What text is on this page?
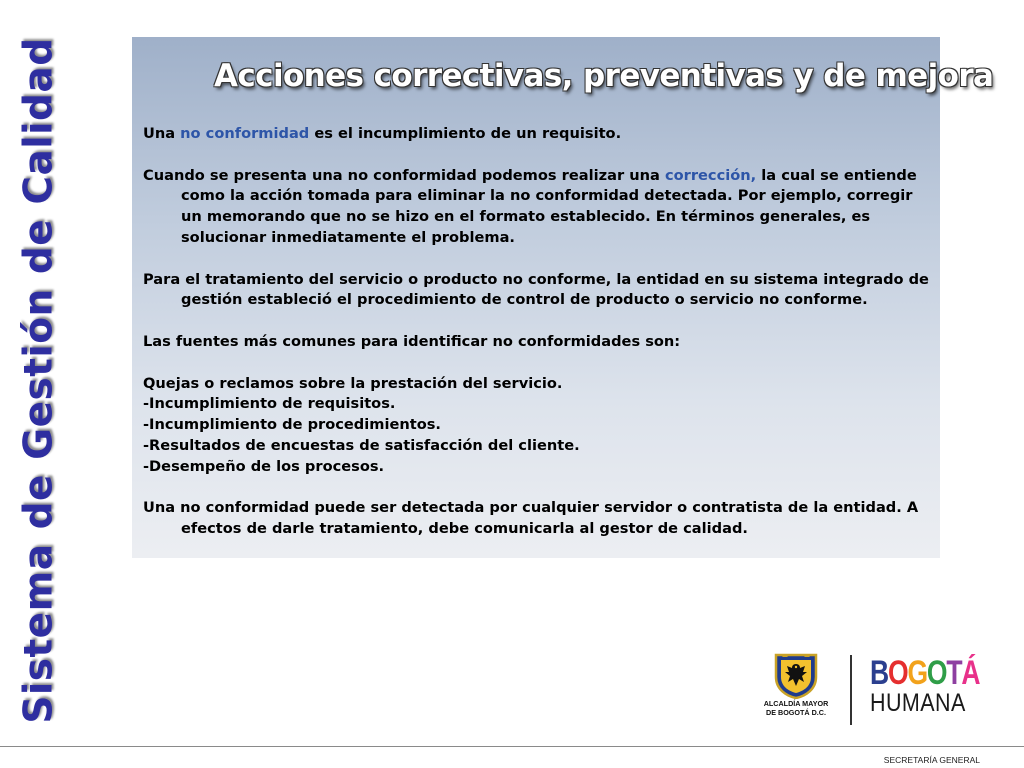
Sistema de Gestión de Calidad	Acciones correctivas, preventivas y de mejora

Una no conformidad es el incumplimiento de un requisito.

Cuando se presenta una no conformidad podemos realizar una corrección, la cual se entiende como la acción tomada para eliminar la no conformidad detectada. Por ejemplo, corregir un memorando que no se hizo en el formato establecido. En términos generales, es solucionar inmediatamente el problema.

Para el tratamiento del servicio o producto no conforme, la entidad en su sistema integrado de gestión estableció el procedimiento de control de producto o servicio no conforme.

Las fuentes más comunes para identificar no conformidades son:

Quejas o reclamos sobre la prestación del servicio.

-Incumplimiento de requisitos.

-Incumplimiento de procedimientos.

-Resultados de encuestas de satisfacción del cliente.

-Desempeño de los procesos.

Una no conformidad puede ser detectada por cualquier servidor o contratista de la entidad. A efectos de darle tratamiento, debe comunicarla al gestor de calidad.

ALCALDÍA MAYOR
DE BOGOTÁ D.C.
BOGOTÁ
HUMANA
SECRETARÍA GENERAL
